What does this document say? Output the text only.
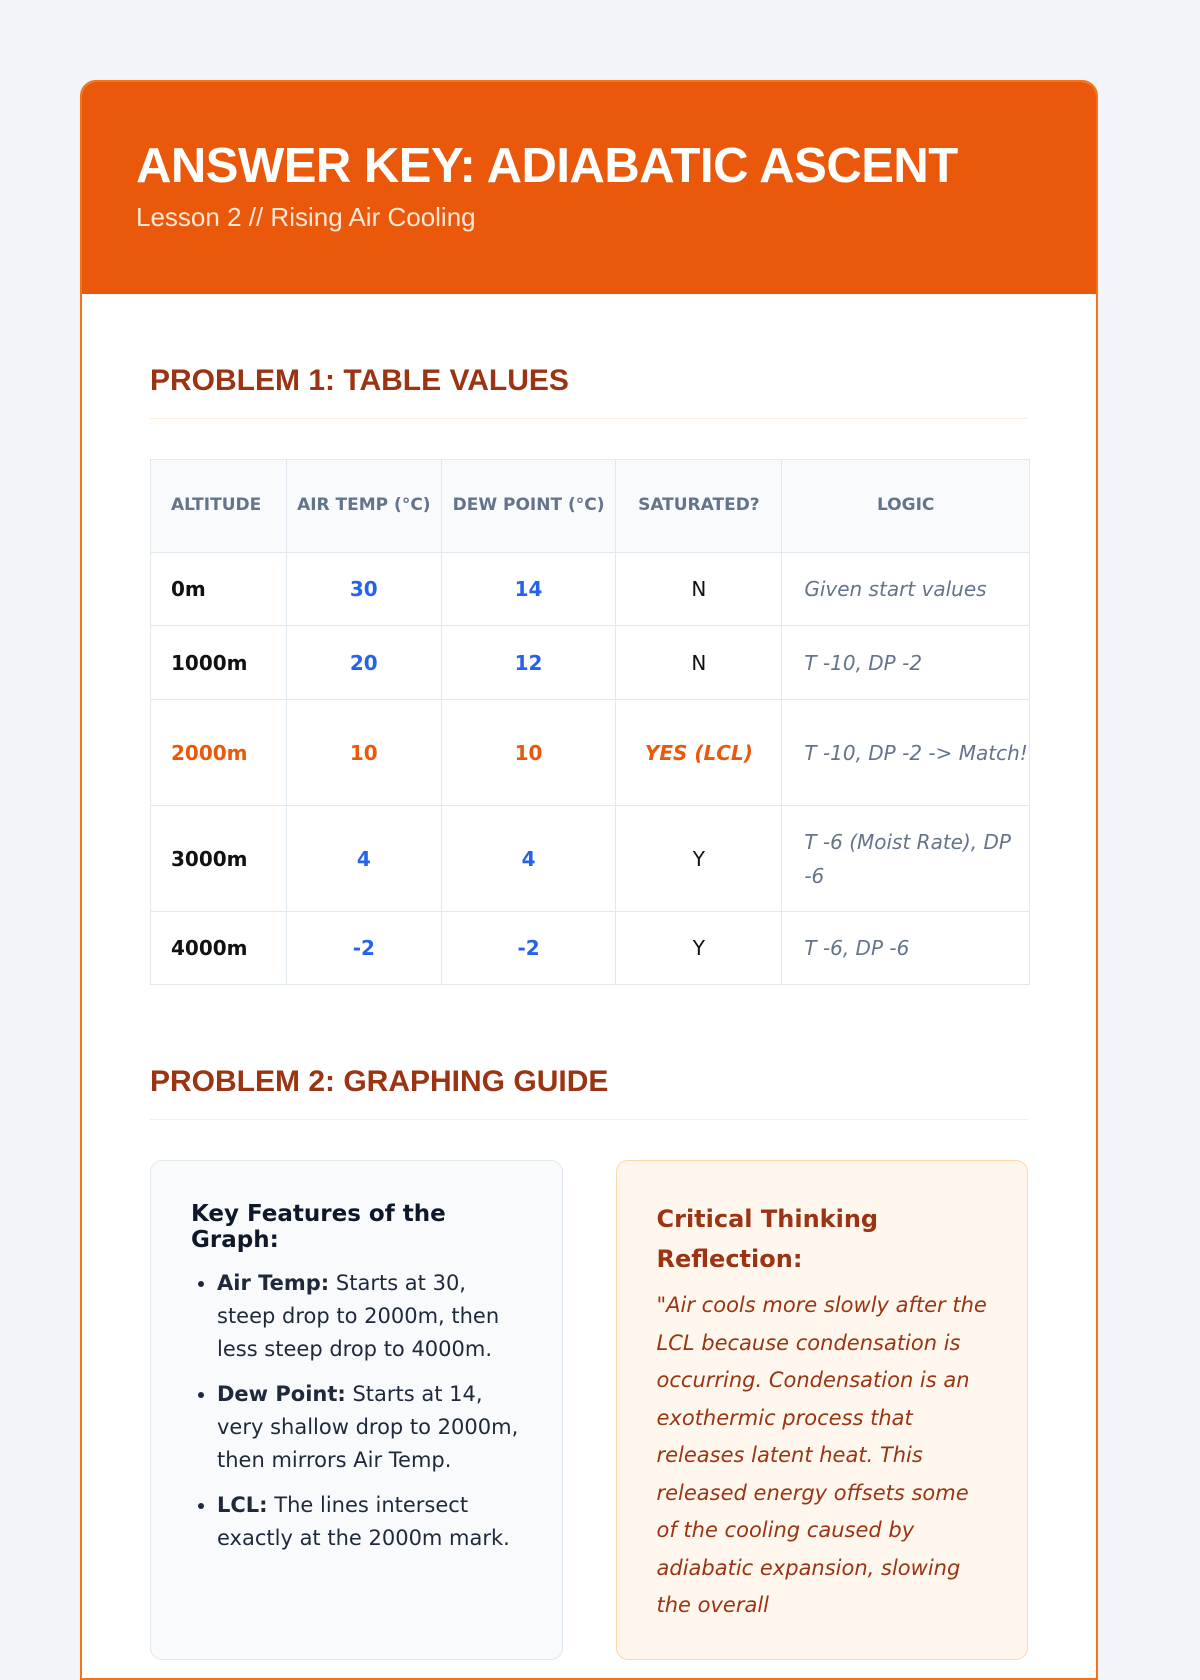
ANSWER KEY: ADIABATIC ASCENT
Lesson 2 // Rising Air Cooling
PROBLEM 1: TABLE VALUES
ALTITUDE	AIR TEMP (°C)	DEW POINT (°C)	SATURATED?	LOGIC
0m	30	14	N	Given start values
1000m	20	12	N	T -10, DP -2
2000m	10	10	YES (LCL)	T -10, DP -2 -> Match!
3000m	4	4	Y	T -6 (Moist Rate), DP -6
4000m	-2	-2	Y	T -6, DP -6
PROBLEM 2: GRAPHING GUIDE
Key Features of the Graph:
• Air Temp: Starts at 30, steep drop to 2000m, then less steep drop to 4000m.
• Dew Point: Starts at 14, very shallow drop to 2000m, then mirrors Air Temp.
• LCL: The lines intersect exactly at the 2000m mark.
Critical Thinking Reflection:

"Air cools more slowly after the LCL because condensation is occurring. Condensation is an exothermic process that releases latent heat. This released energy offsets some of the cooling caused by adiabatic expansion, slowing the overall
